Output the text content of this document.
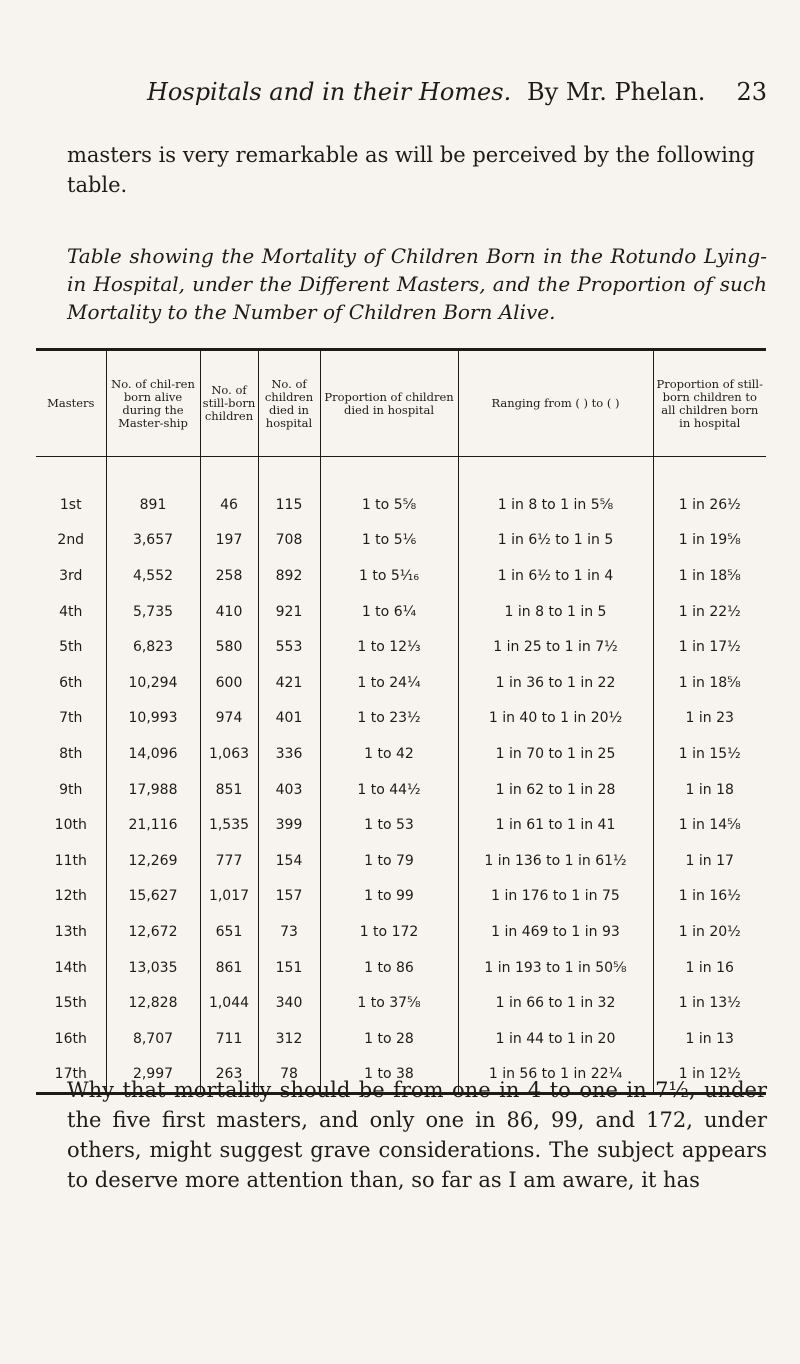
Hospitals and in their Homes. By Mr. Phelan. 23
masters is very remarkable as will be perceived by the following table.
Table showing the Mortality of Children Born in the Rotundo Lying-in Hospital, under the Different Masters, and the Proportion of such Mortality to the Number of Children Born Alive.
Masters	No. of chil-ren born alive during the Master-ship	No. of still-born children	No. of children died in hospital	Proportion of children died in hospital	Ranging from ( ) to ( )	Proportion of still-born children to all children born in hospital

1st	891	46	115	1 to 5⅝	1 in 8 to 1 in 5⅝	1 in 26½
2nd	3,657	197	708	1 to 5⅙	1 in 6½ to 1 in 5	1 in 19⅝
3rd	4,552	258	892	1 to 5¹⁄₁₆	1 in 6½ to 1 in 4	1 in 18⅝
4th	5,735	410	921	1 to 6¼	1 in 8 to 1 in 5	1 in 22½
5th	6,823	580	553	1 to 12⅓	1 in 25 to 1 in 7½	1 in 17½
6th	10,294	600	421	1 to 24¼	1 in 36 to 1 in 22	1 in 18⅝
7th	10,993	974	401	1 to 23½	1 in 40 to 1 in 20½	1 in 23
8th	14,096	1,063	336	1 to 42	1 in 70 to 1 in 25	1 in 15½
9th	17,988	851	403	1 to 44½	1 in 62 to 1 in 28	1 in 18
10th	21,116	1,535	399	1 to 53	1 in 61 to 1 in 41	1 in 14⅝
11th	12,269	777	154	1 to 79	1 in 136 to 1 in 61½	1 in 17
12th	15,627	1,017	157	1 to 99	1 in 176 to 1 in 75	1 in 16½
13th	12,672	651	73	1 to 172	1 in 469 to 1 in 93	1 in 20½
14th	13,035	861	151	1 to 86	1 in 193 to 1 in 50⅝	1 in 16
15th	12,828	1,044	340	1 to 37⅝	1 in 66 to 1 in 32	1 in 13½
16th	8,707	711	312	1 to 28	1 in 44 to 1 in 20	1 in 13
17th	2,997	263	78	1 to 38	1 in 56 to 1 in 22¼	1 in 12½
Why that mortality should be from one in 4 to one in 7½, under the five first masters, and only one in 86, 99, and 172, under others, might suggest grave considerations. The subject appears to deserve more attention than, so far as I am aware, it has
